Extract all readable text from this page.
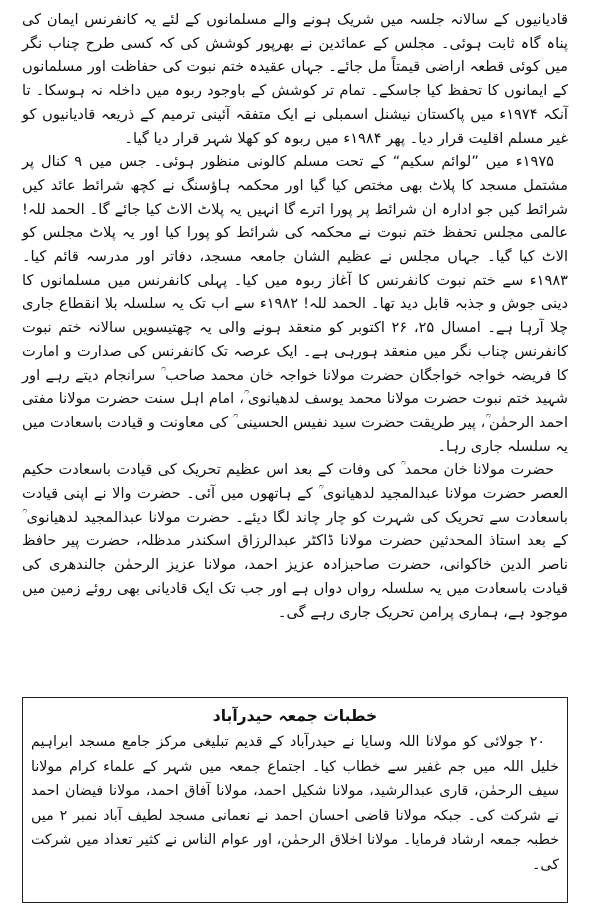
قادیانیوں کے سالانہ جلسہ میں شریک ہونے والے مسلمانوں کے لئے یہ کانفرنس ایمان کی پناہ گاہ ثابت ہوئی۔ مجلس کے عمائدین نے بھرپور کوشش کی کہ کسی طرح چناب نگر میں کوئی قطعہ اراضی قیمتاً مل جائے۔ جہاں عقیدہ ختم نبوت کی حفاظت اور مسلمانوں کے ایمانوں کا تحفظ کیا جاسکے۔ تمام تر کوشش کے باوجود ربوہ میں داخلہ نہ ہوسکا۔ تا آنکہ ۱۹۷۴ء میں پاکستان نیشنل اسمبلی نے ایک متفقہ آئینی ترمیم کے ذریعہ قادیانیوں کو غیر مسلم اقلیت قرار دیا۔ پھر ۱۹۸۴ء میں ربوہ کو کھلا شہر قرار دیا گیا۔

۱۹۷۵ء میں ”لوائم سکیم“ کے تحت مسلم کالونی منظور ہوئی۔ جس میں ۹ کنال پر مشتمل مسجد کا پلاٹ بھی مختص کیا گیا اور محکمہ ہاؤسنگ نے کچھ شرائط عائد کیں شرائط کیں جو ادارہ ان شرائط پر پورا اترے گا انہیں یہ پلاٹ الاٹ کیا جائے گا۔ الحمد للہ! عالمی مجلس تحفظ ختم نبوت نے محکمہ کی شرائط کو پورا کیا اور یہ پلاٹ مجلس کو الاٹ کیا گیا۔ جہاں مجلس نے عظیم الشان جامعہ مسجد، دفاتر اور مدرسہ قائم کیا۔ ۱۹۸۳ء سے ختم نبوت کانفرنس کا آغاز ربوہ میں کیا۔ پہلی کانفرنس میں مسلمانوں کا دینی جوش و جذبہ قابل دید تھا۔ الحمد للہ! ۱۹۸۲ء سے اب تک یہ سلسلہ بلا انقطاع جاری چلا آرہا ہے۔ امسال ۲۵، ۲۶ اکتوبر کو منعقد ہونے والی یہ چھتیسویں سالانہ ختم نبوت کانفرنس چناب نگر میں منعقد ہورہی ہے۔ ایک عرصہ تک کانفرنس کی صدارت و امارت کا فریضہ خواجہ خواجگان حضرت مولانا خواجہ خان محمد صاحب ؒ سرانجام دیتے رہے اور شہید ختم نبوت حضرت مولانا محمد یوسف لدھیانوی ؒ، امام اہل سنت حضرت مولانا مفتی احمد الرحمٰن ؒ، پیر طریقت حضرت سید نفیس الحسینی ؒ کی معاونت و قیادت باسعادت میں یہ سلسلہ جاری رہا۔

حضرت مولانا خان محمد ؒ کی وفات کے بعد اس عظیم تحریک کی قیادت باسعادت حکیم العصر حضرت مولانا عبدالمجید لدھیانوی ؒ کے ہاتھوں میں آئی۔ حضرت والا نے اپنی قیادت باسعادت سے تحریک کی شہرت کو چار چاند لگا دیئے۔ حضرت مولانا عبدالمجید لدھیانوی ؒ کے بعد استاذ المحدثین حضرت مولانا ڈاکٹر عبدالرزاق اسکندر مدظلہ، حضرت پیر حافظ ناصر الدین خاکوانی، حضرت صاحبزادہ عزیز احمد، مولانا عزیز الرحمٰن جالندھری کی قیادت باسعادت میں یہ سلسلہ رواں دواں ہے اور جب تک ایک قادیانی بھی روئے زمین میں موجود ہے، ہماری پرامن تحریک جاری رہے گی۔

خطبات جمعہ حیدرآباد

۲۰ جولائی کو مولانا اللہ وسایا نے حیدرآباد کے قدیم تبلیغی مرکز جامع مسجد ابراہیم خلیل اللہ میں جم غفیر سے خطاب کیا۔ اجتماع جمعہ میں شہر کے علماء کرام مولانا سیف الرحمٰن، قاری عبدالرشید، مولانا شکیل احمد، مولانا آفاق احمد، مولانا فیضان احمد نے شرکت کی۔ جبکہ مولانا قاضی احسان احمد نے نعمانی مسجد لطیف آباد نمبر ۲ میں خطبہ جمعہ ارشاد فرمایا۔ مولانا اخلاق الرحمٰن، اور عوام الناس نے کثیر تعداد میں شرکت کی۔
